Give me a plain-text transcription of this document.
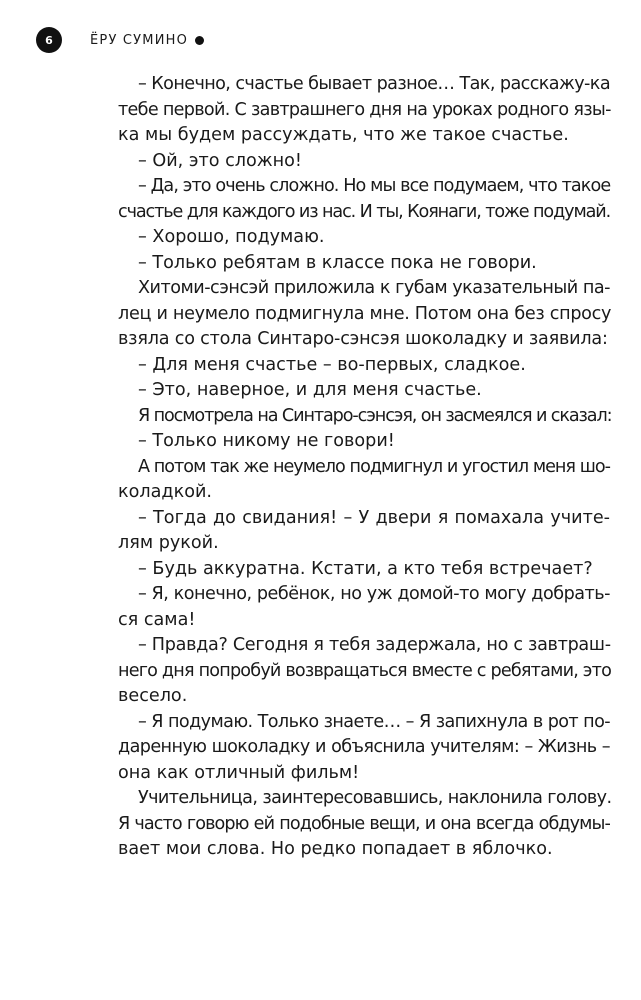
6	ЁРУ СУМИНО
– Конечно, счастье бывает разное… Так, расскажу-ка
тебе первой. С завтрашнего дня на уроках родного язы-
ка мы будем рассуждать, что же такое счастье.
– Ой, это сложно!
– Да, это очень сложно. Но мы все подумаем, что такое
счастье для каждого из нас. И ты, Коянаги, тоже подумай.
– Хорошо, подумаю.
– Только ребятам в классе пока не говори.
Хитоми-сэнсэй приложила к губам указательный па-
лец и неумело подмигнула мне. Потом она без спросу
взяла со стола Синтаро-сэнсэя шоколадку и заявила:
– Для меня счастье – во-первых, сладкое.
– Это, наверное, и для меня счастье.
Я посмотрела на Синтаро-сэнсэя, он засмеялся и сказал:
– Только никому не говори!
А потом так же неумело подмигнул и угостил меня шо-
коладкой.
– Тогда до свидания! – У двери я помахала учите-
лям рукой.
– Будь аккуратна. Кстати, а кто тебя встречает?
– Я, конечно, ребёнок, но уж домой-то могу добрать-
ся сама!
– Правда? Сегодня я тебя задержала, но с завтраш-
него дня попробуй возвращаться вместе с ребятами, это
весело.
– Я подумаю. Только знаете… – Я запихнула в рот по-
даренную шоколадку и объяснила учителям: – Жизнь –
она как отличный фильм!
Учительница, заинтересовавшись, наклонила голову.
Я часто говорю ей подобные вещи, и она всегда обдумы-
вает мои слова. Но редко попадает в яблочко.
